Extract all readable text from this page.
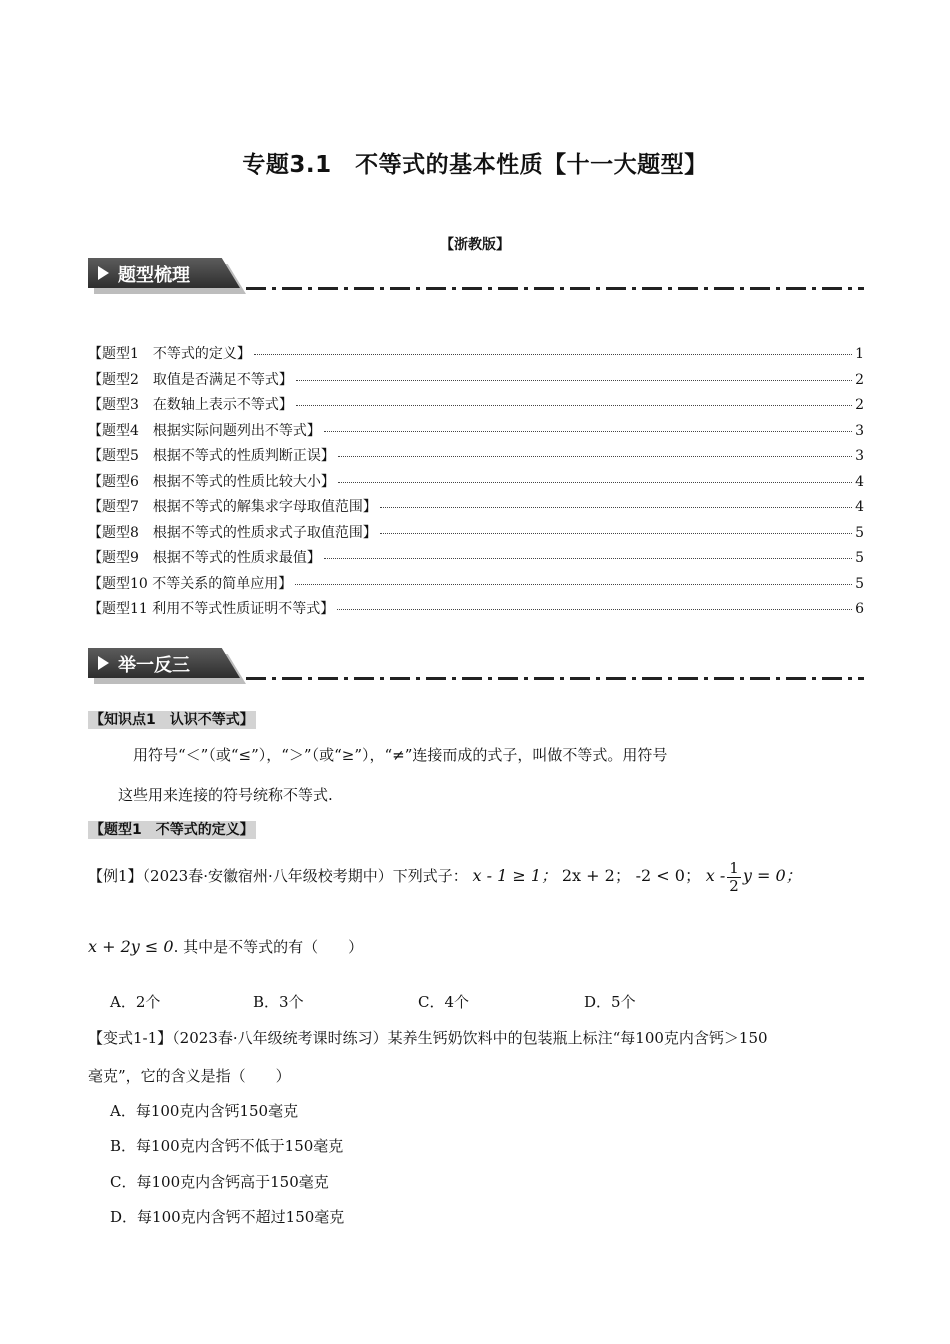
专题3.1　不等式的基本性质【十一大题型】
【浙教版】
题型梳理
【题型1　不等式的定义】	1
【题型2　取值是否满足不等式】	2
【题型3　在数轴上表示不等式】	2
【题型4　根据实际问题列出不等式】	3
【题型5　根据不等式的性质判断正误】	3
【题型6　根据不等式的性质比较大小】	4
【题型7　根据不等式的解集求字母取值范围】	4
【题型8　根据不等式的性质求式子取值范围】	5
【题型9　根据不等式的性质求最值】	5
【题型10 不等关系的简单应用】	5
【题型11 利用不等式性质证明不等式】	6
举一反三
【知识点1　认识不等式】
用符号“＜”（或“≤”），“＞”（或“≥”），“≠”连接而成的式子，叫做不等式。用符号
这些用来连接的符号统称不等式.
【题型1　不等式的定义】
【例1】（2023春·安徽宿州·八年级校考期中）下列式子： x - 1 ≥ 1； 2x + 2； -2 < 0； x - $\frac{1}{2}$ y = 0；
x + 2y ≤ 0. 其中是不等式的有（　　）
A．2个	B．3个	C．4个	D．5个
【变式1-1】（2023春·八年级统考课时练习）某养生钙奶饮料中的包装瓶上标注“每100克内含钙＞150
毫克”，它的含义是指（　　）
A．每100克内含钙150毫克
B．每100克内含钙不低于150毫克
C．每100克内含钙高于150毫克
D．每100克内含钙不超过150毫克
